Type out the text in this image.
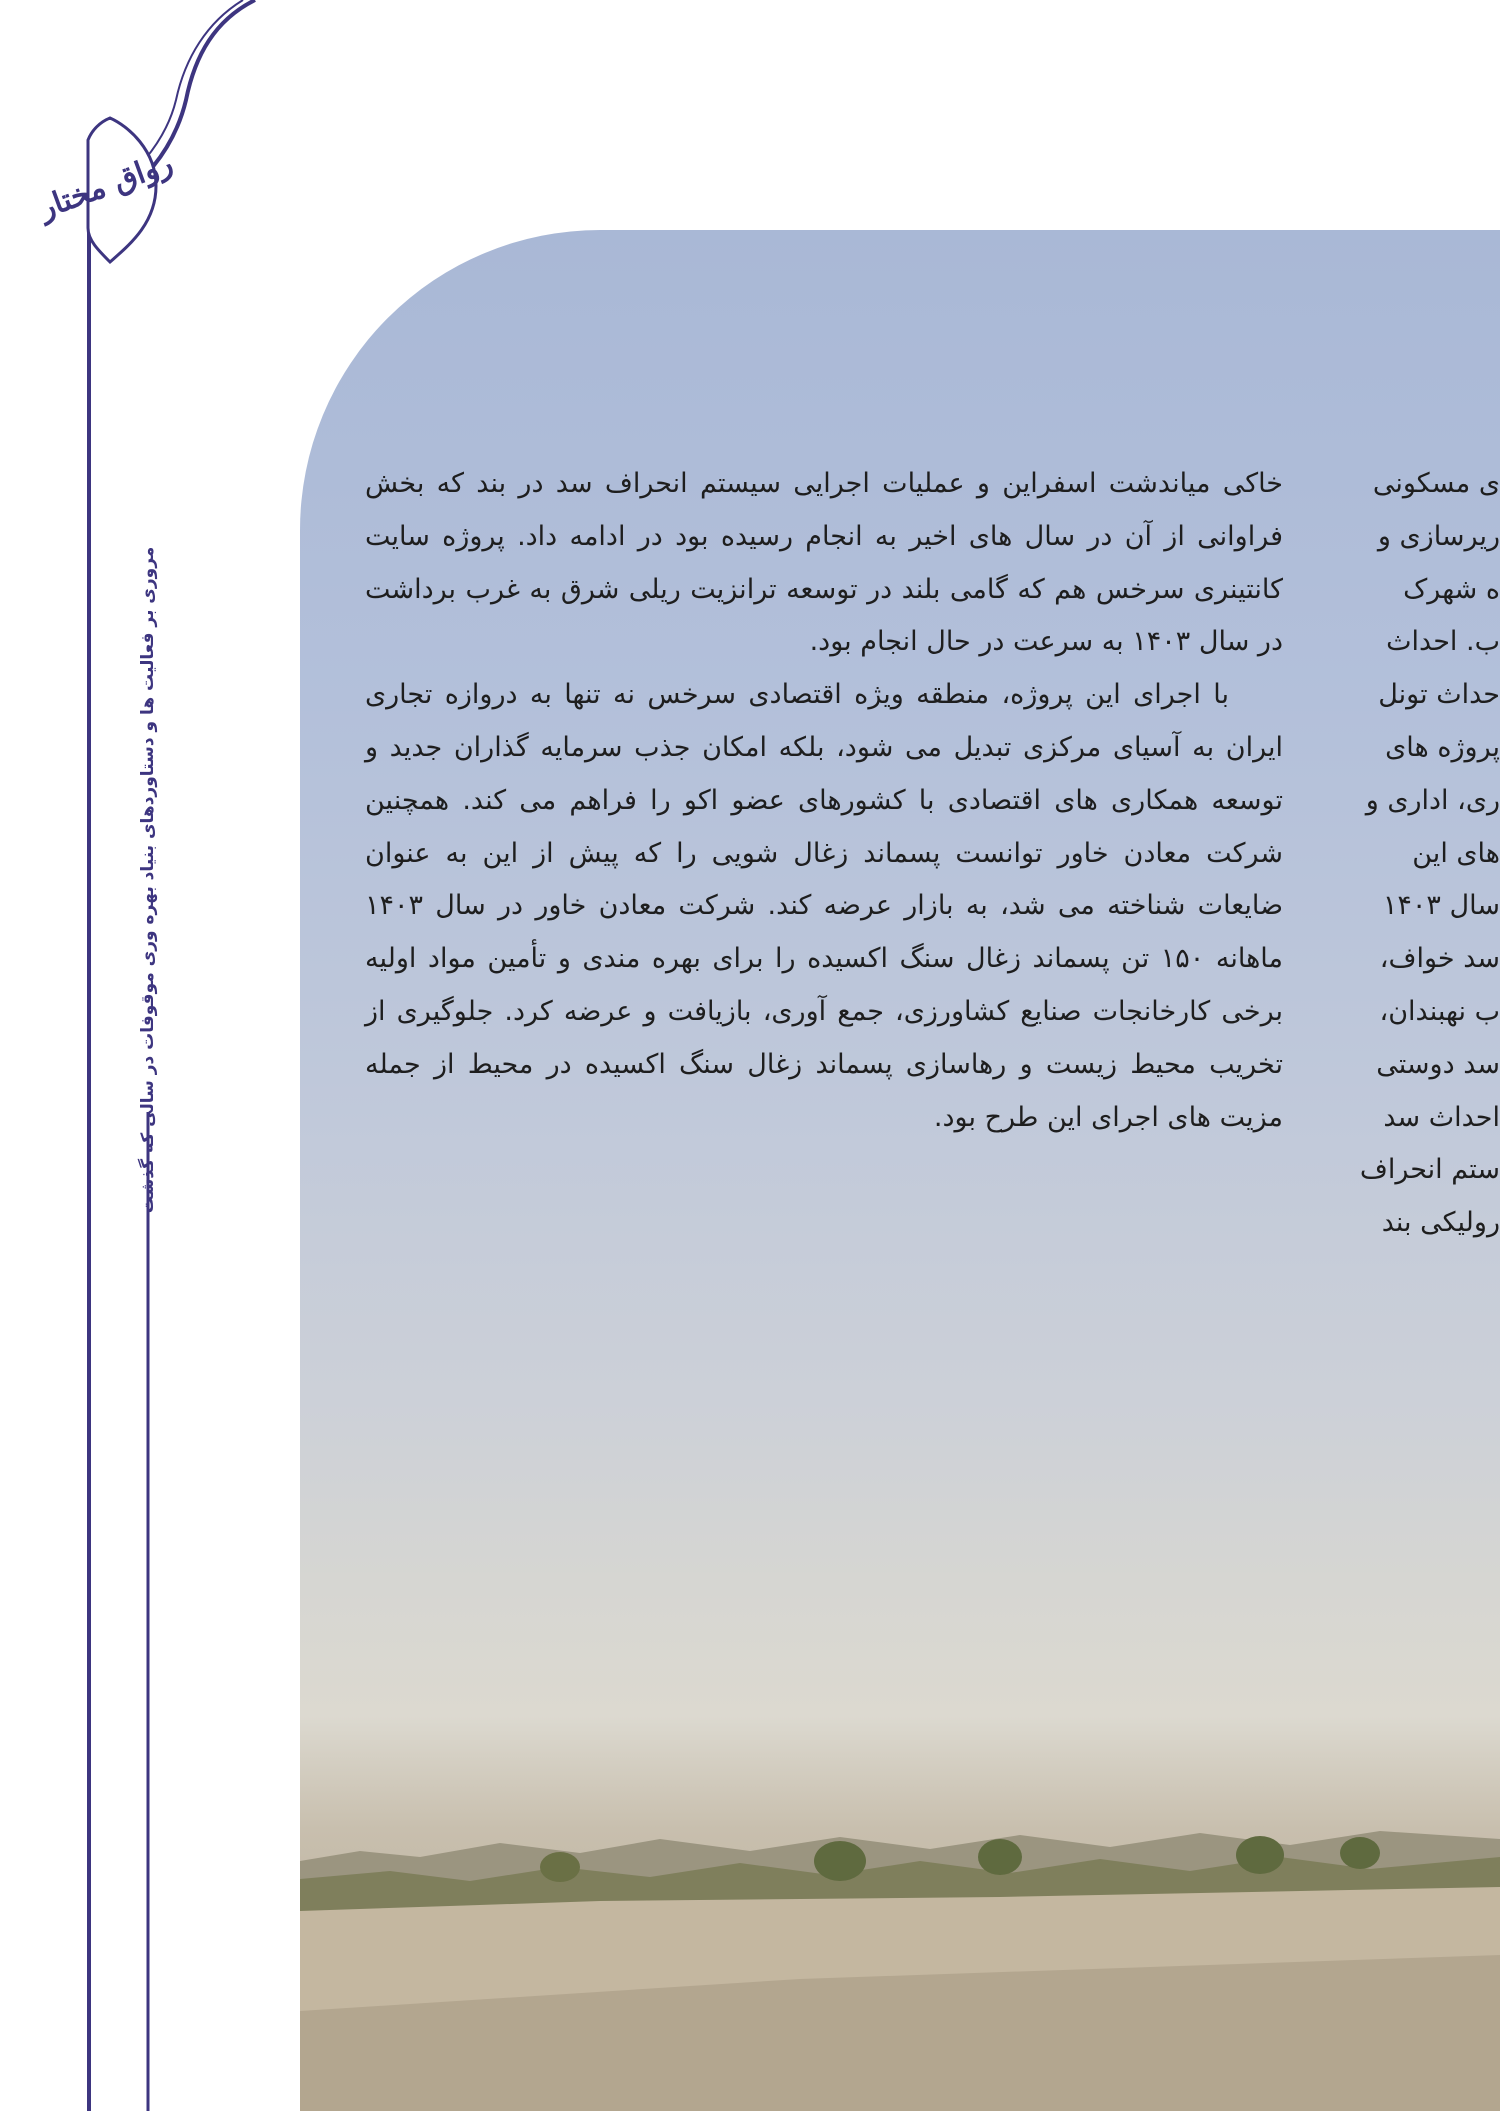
رواق مختار
مروری بر فعالیت ها و دستاوردهای بنیاد بهره وری موقوفات در سالی که گذشت

خاکی میاندشت اسفراین و عملیات اجرایی سیستم انحراف سد در بند که بخش فراوانی از آن در سال های اخیر به انجام رسیده بود در ادامه داد. پروژه سایت کانتینری سرخس هم که گامی بلند در توسعه ترانزیت ریلی شرق به غرب برداشت در سال ۱۴۰۳ به سرعت در حال انجام بود.

با اجرای این پروژه، منطقه ویژه اقتصادی سرخس نه تنها به دروازه تجاری ایران به آسیای مرکزی تبدیل می شود، بلکه امکان جذب سرمایه گذاران جدید و توسعه همکاری های اقتصادی با کشورهای عضو اکو را فراهم می کند. همچنین شرکت معادن خاور توانست پسماند زغال شویی را که پیش از این به عنوان ضایعات شناخته می شد، به بازار عرضه کند. شرکت معادن خاور در سال ۱۴۰۳ ماهانه ۱۵۰ تن پسماند زغال سنگ اکسیده را برای بهره مندی و تأمین مواد اولیه برخی کارخانجات صنایع کشاورزی، جمع آوری، بازیافت و عرضه کرد. جلوگیری از تخریب محیط زیست و رهاسازی پسماند زغال سنگ اکسیده در محیط از جمله مزیت های اجرای این طرح بود.

ی مسکونی
ریرسازی و
ه شهرک
ب. احداث
حداث تونل
پروژه های
ری، اداری و
ها‌ی این
سال ۱۴۰۳
سد خواف،
ب نهبندان،
سد دوستی
احداث سد
ستم انحراف
رولیکی بند
